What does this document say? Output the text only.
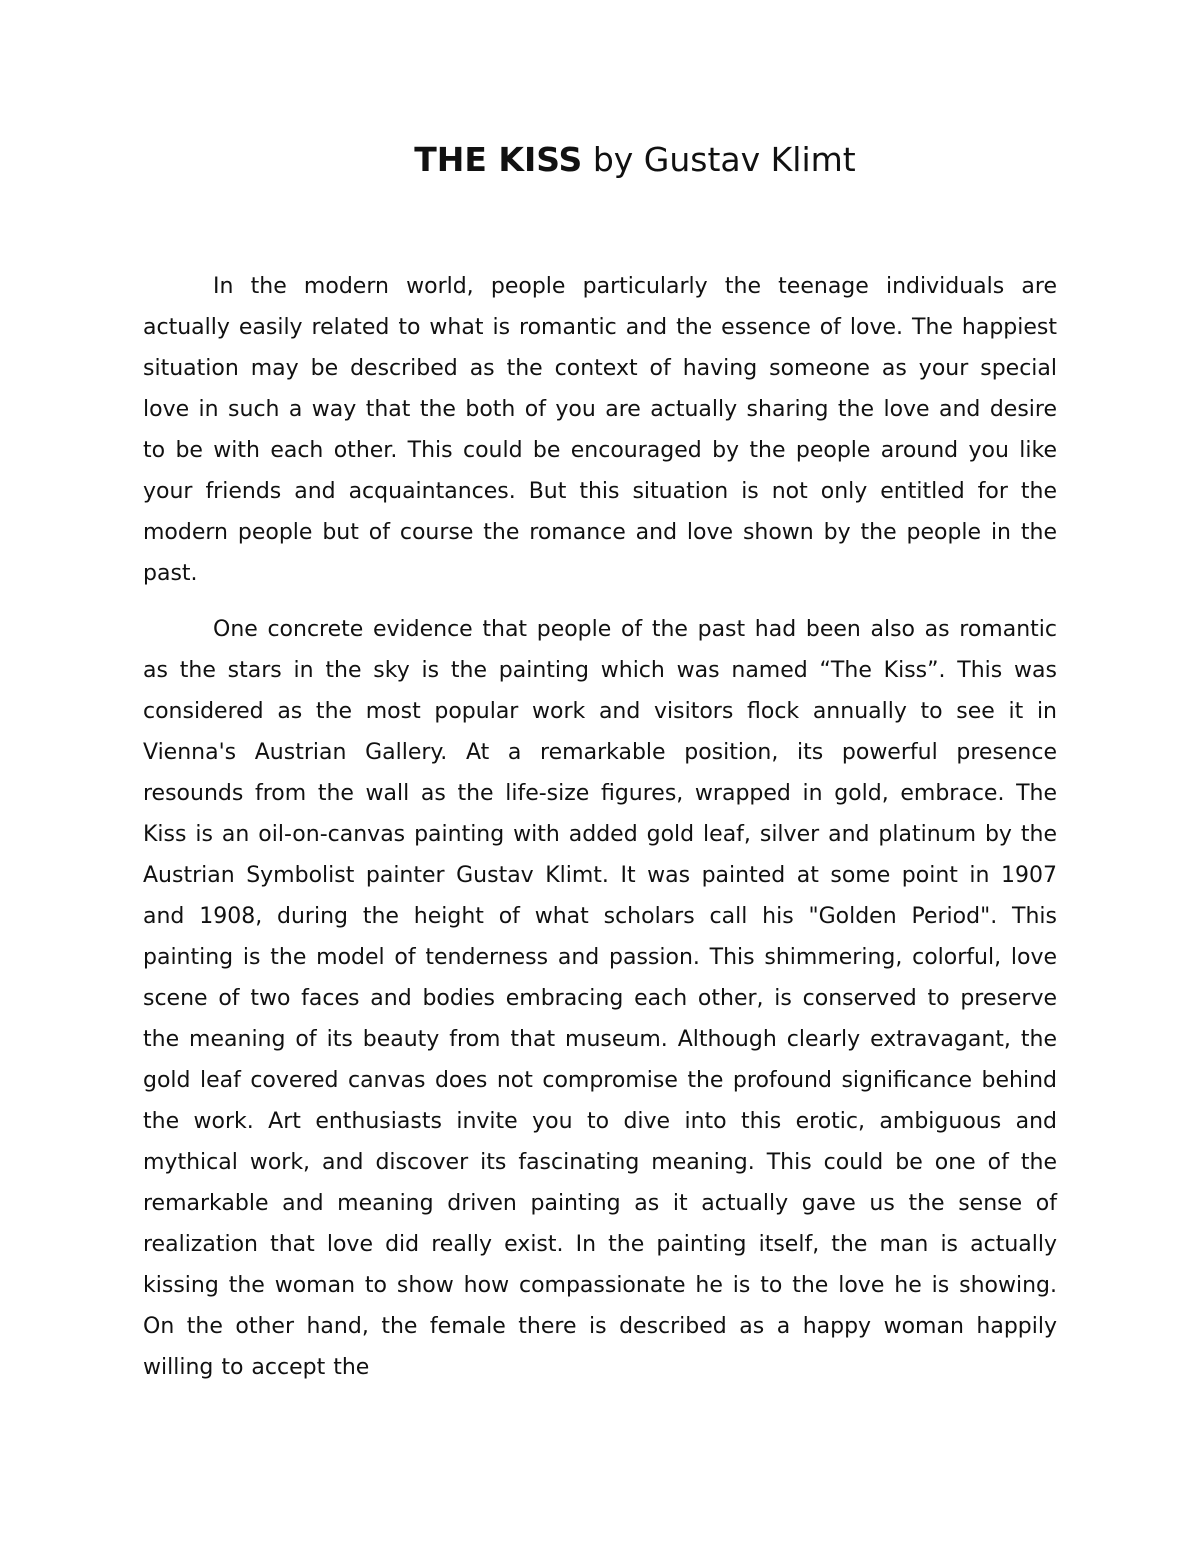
THE KISS by Gustav Klimt

In the modern world, people particularly the teenage individuals are actually easily related to what is romantic and the essence of love. The happiest situation may be described as the context of having someone as your special love in such a way that the both of you are actually sharing the love and desire to be with each other. This could be encouraged by the people around you like your friends and acquaintances. But this situation is not only entitled for the modern people but of course the romance and love shown by the people in the past.

One concrete evidence that people of the past had been also as romantic as the stars in the sky is the painting which was named “The Kiss”. This was considered as the most popular work and visitors flock annually to see it in Vienna's Austrian Gallery. At a remarkable position, its powerful presence resounds from the wall as the life-size figures, wrapped in gold, embrace. The Kiss is an oil-on-canvas painting with added gold leaf, silver and platinum by the Austrian Symbolist painter Gustav Klimt. It was painted at some point in 1907 and 1908, during the height of what scholars call his "Golden Period". This painting is the model of tenderness and passion. This shimmering, colorful, love scene of two faces and bodies embracing each other, is conserved to preserve the meaning of its beauty from that museum. Although clearly extravagant, the gold leaf covered canvas does not compromise the profound significance behind the work. Art enthusiasts invite you to dive into this erotic, ambiguous and mythical work, and discover its fascinating meaning. This could be one of the remarkable and meaning driven painting as it actually gave us the sense of realization that love did really exist. In the painting itself, the man is actually kissing the woman to show how compassionate he is to the love he is showing. On the other hand, the female there is described as a happy woman happily willing to accept the
